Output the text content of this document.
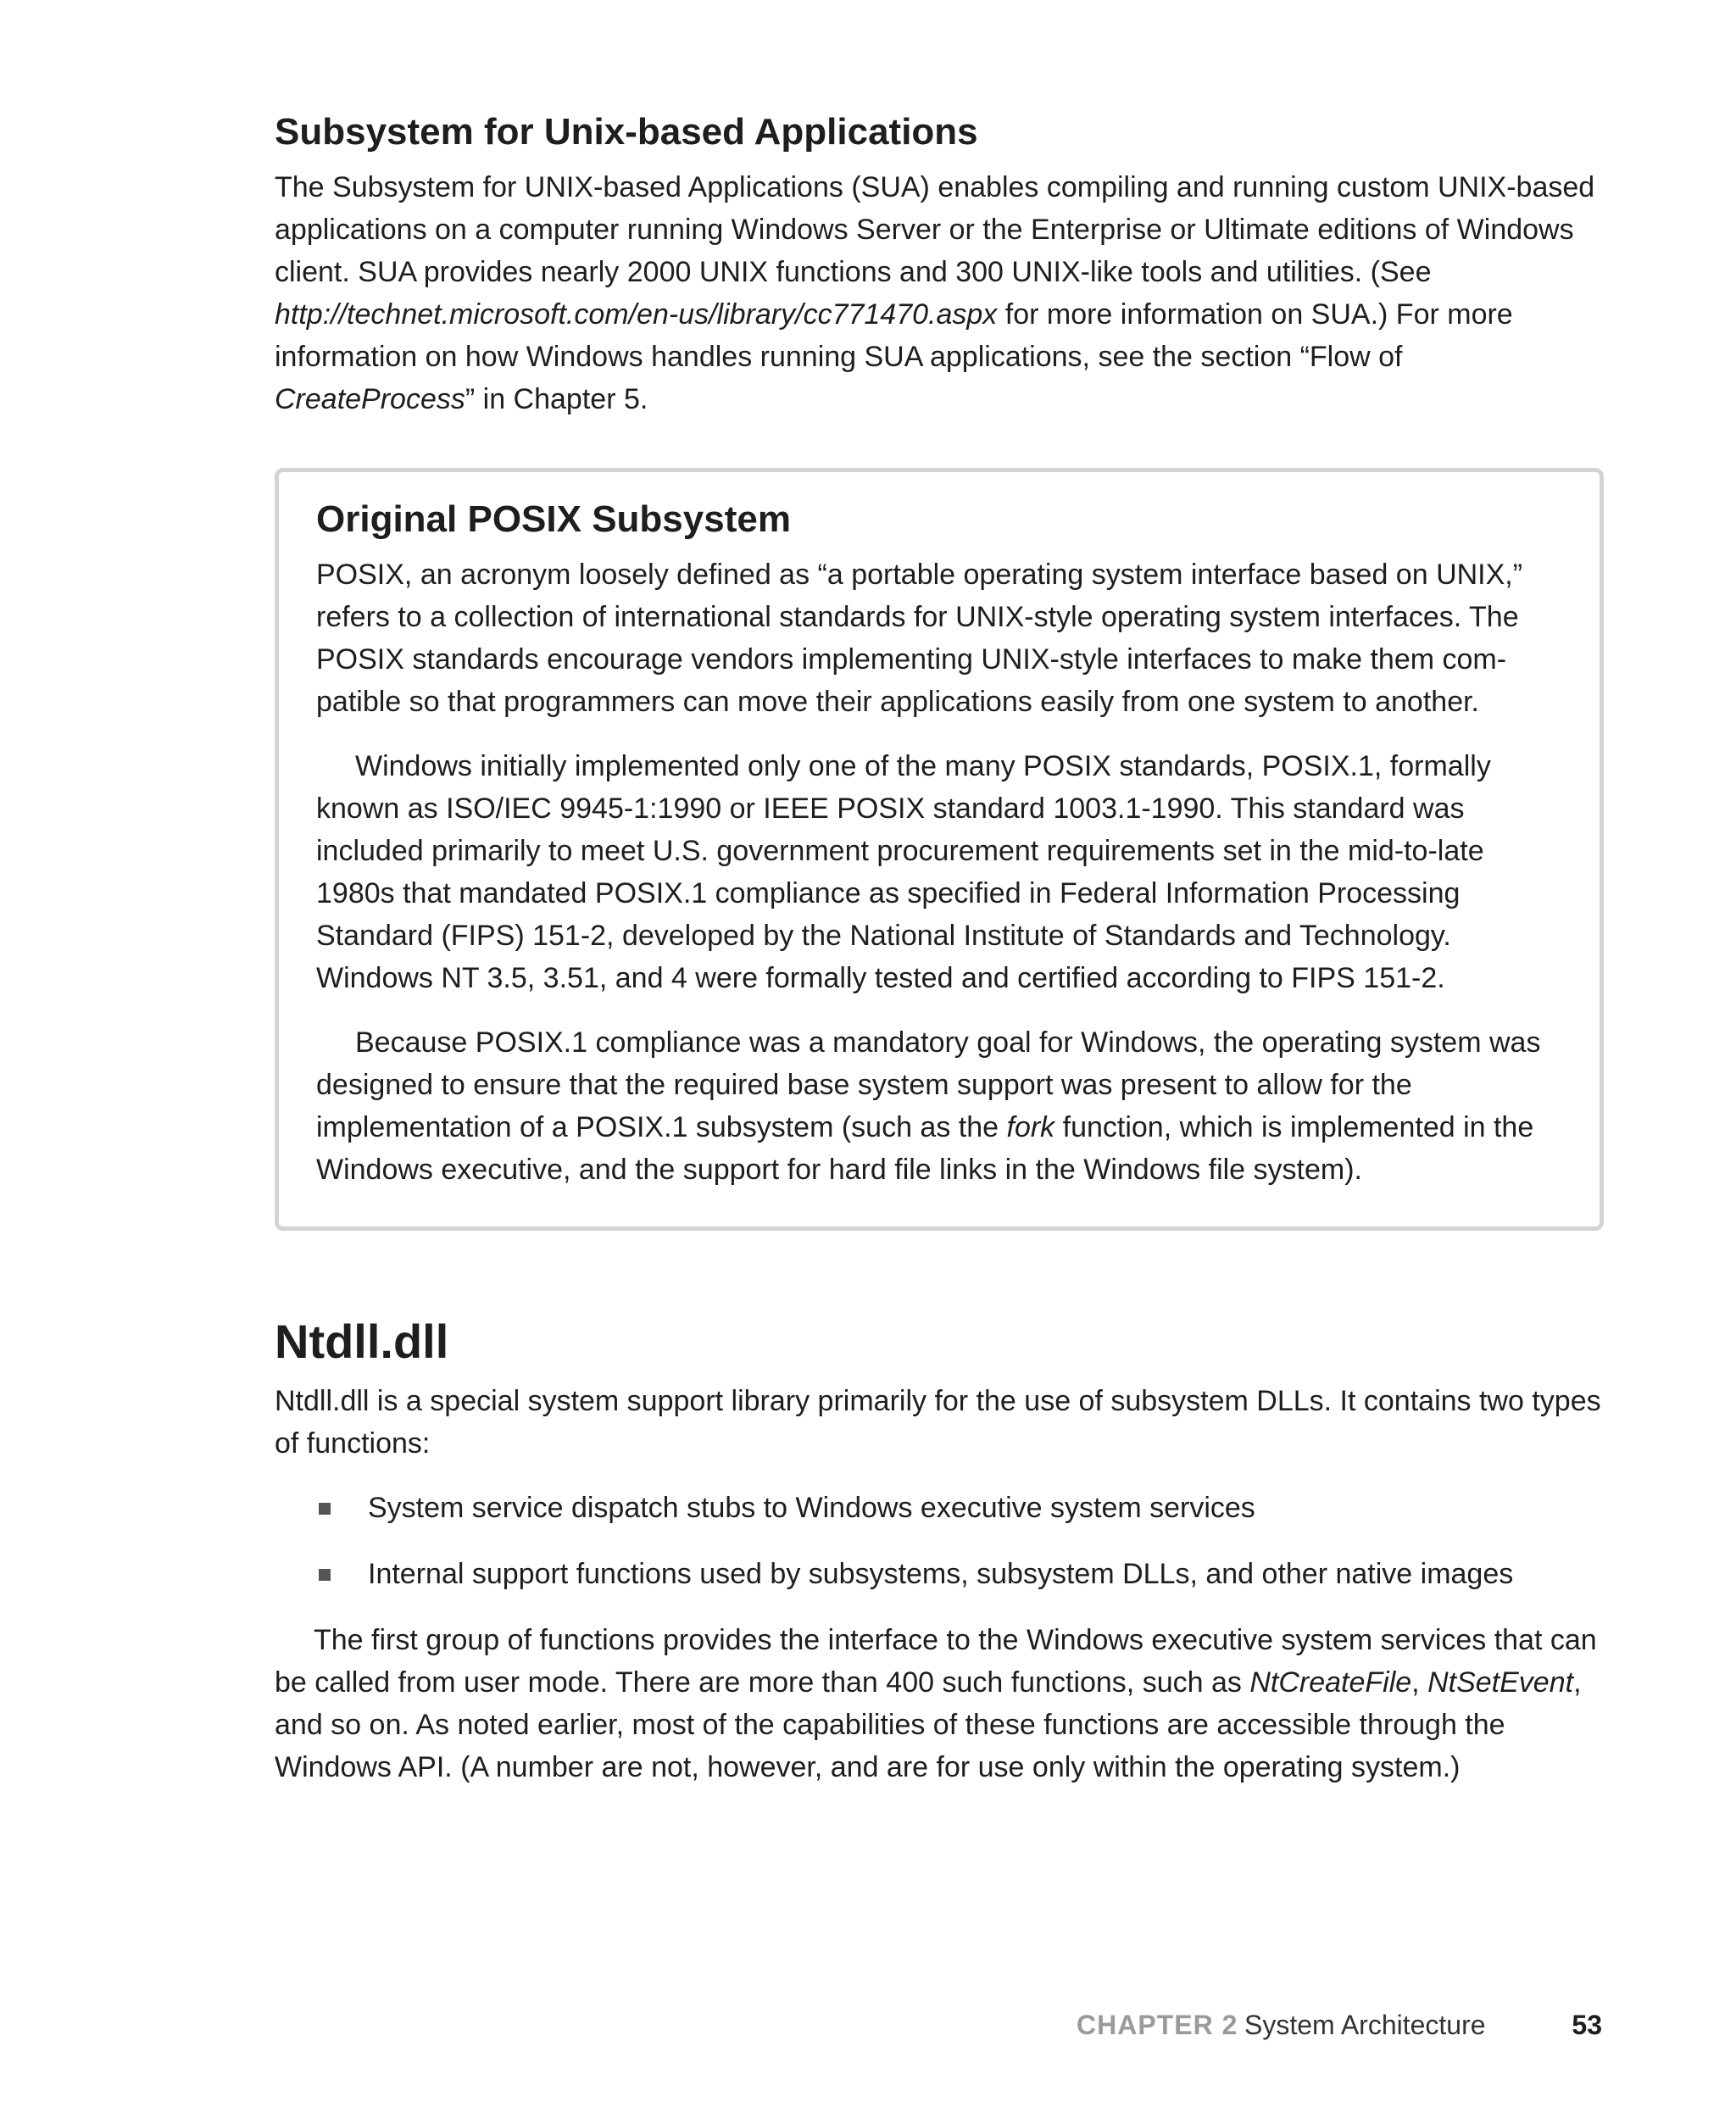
Subsystem for Unix-based Applications

The Subsystem for UNIX-based Applications (SUA) enables compiling and running custom UNIX-based applications on a computer running Windows Server or the Enterprise or Ultimate editions of Windows client. SUA provides nearly 2000 UNIX functions and 300 UNIX-like tools and utilities. (See http://technet.microsoft.com/en-us/library/cc771470.aspx for more information on SUA.) For more information on how Windows handles running SUA applications, see the section “Flow of CreateProcess” in Chapter 5.

Original POSIX Subsystem

POSIX, an acronym loosely defined as “a portable operating system interface based on UNIX,” refers to a collection of international standards for UNIX-style operating system interfaces. The POSIX standards encourage vendors implementing UNIX-style interfaces to make them compatible so that programmers can move their applications easily from one system to another.

Windows initially implemented only one of the many POSIX standards, POSIX.1, formally known as ISO/IEC 9945-1:1990 or IEEE POSIX standard 1003.1-1990. This standard was included primarily to meet U.S. government procurement requirements set in the mid-to-late 1980s that mandated POSIX.1 compliance as specified in Federal Information Processing Standard (FIPS) 151-2, developed by the National Institute of Standards and Technology. Windows NT 3.5, 3.51, and 4 were formally tested and certified according to FIPS 151-2.

Because POSIX.1 compliance was a mandatory goal for Windows, the operating system was designed to ensure that the required base system support was present to allow for the implementation of a POSIX.1 subsystem (such as the fork function, which is implemented in the Windows executive, and the support for hard file links in the Windows file system).

Ntdll.dll

Ntdll.dll is a special system support library primarily for the use of subsystem DLLs. It contains two types of functions:

System service dispatch stubs to Windows executive system services
Internal support functions used by subsystems, subsystem DLLs, and other native images

The first group of functions provides the interface to the Windows executive system services that can be called from user mode. There are more than 400 such functions, such as NtCreateFile, NtSetEvent, and so on. As noted earlier, most of the capabilities of these functions are accessible through the Windows API. (A number are not, however, and are for use only within the operating system.)

CHAPTER 2 System Architecture	53
